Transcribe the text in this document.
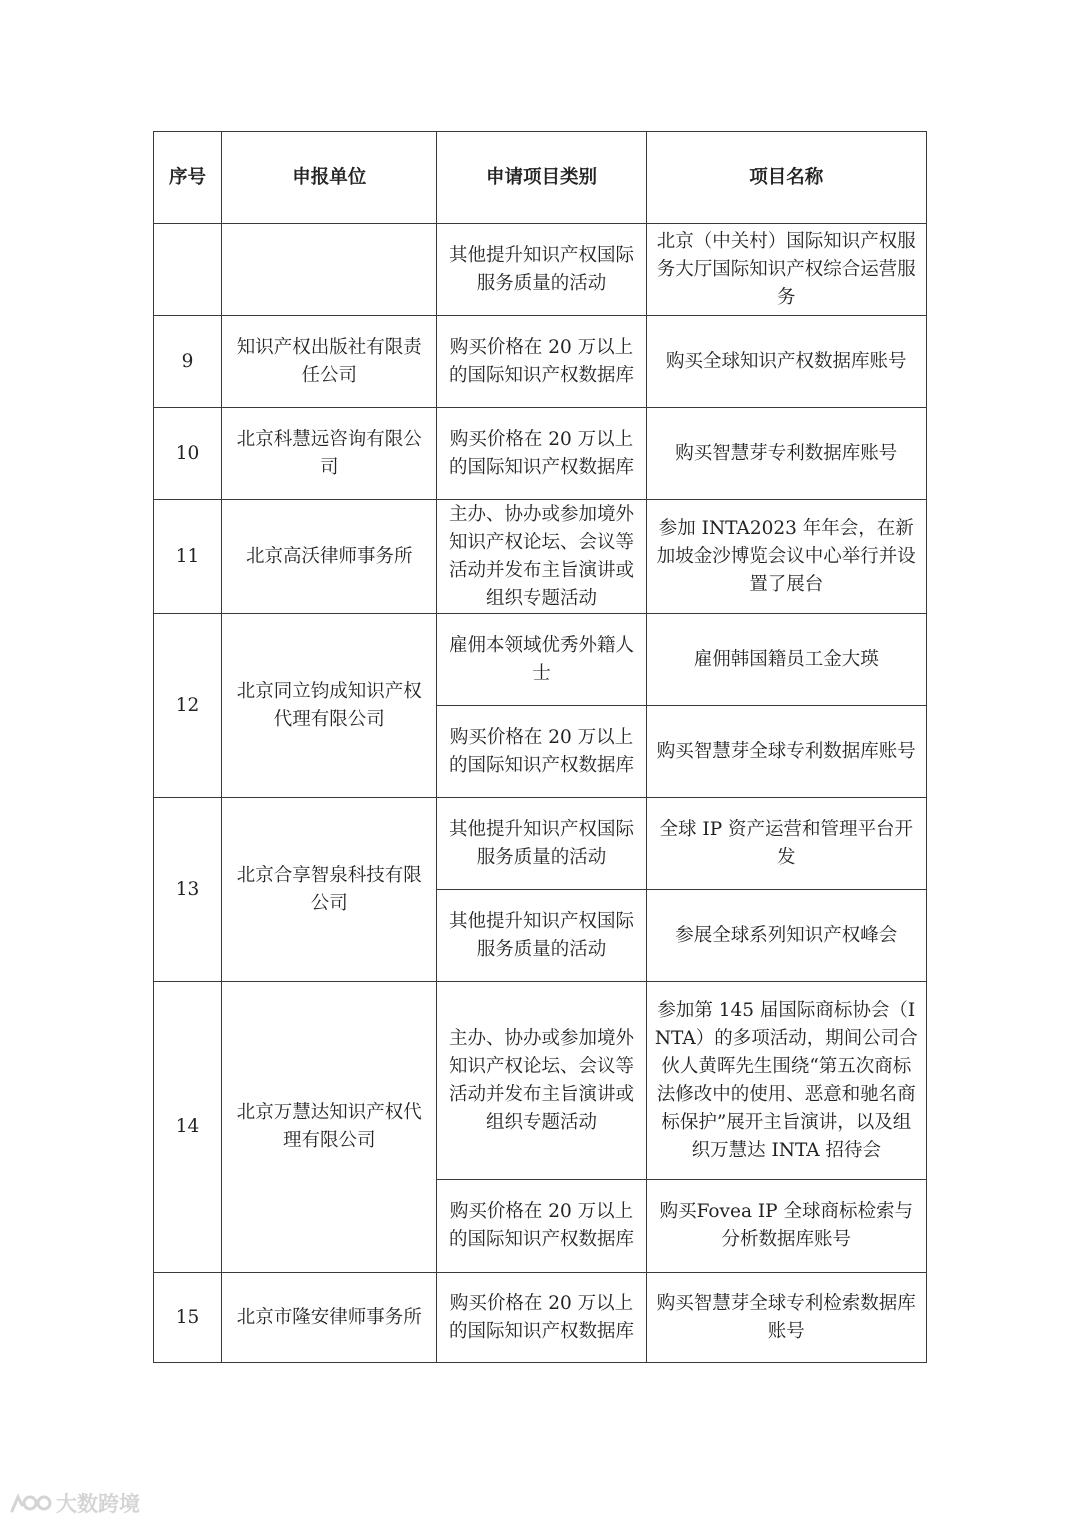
序号	申报单位	申请项目类别	项目名称
		其他提升知识产权国际服务质量的活动	北京（中关村）国际知识产权服务大厅国际知识产权综合运营服务
9	知识产权出版社有限责任公司	购买价格在 20 万以上的国际知识产权数据库	购买全球知识产权数据库账号
10	北京科慧远咨询有限公司	购买价格在 20 万以上的国际知识产权数据库	购买智慧芽专利数据库账号
11	北京高沃律师事务所	主办、协办或参加境外知识产权论坛、会议等活动并发布主旨演讲或组织专题活动	参加 INTA2023 年年会，在新加坡金沙博览会议中心举行并设置了展台
12	北京同立钧成知识产权代理有限公司	雇佣本领域优秀外籍人士	雇佣韩国籍员工金大瑛
		购买价格在 20 万以上的国际知识产权数据库	购买智慧芽全球专利数据库账号
13	北京合享智泉科技有限公司	其他提升知识产权国际服务质量的活动	全球 IP 资产运营和管理平台开发
		其他提升知识产权国际服务质量的活动	参展全球系列知识产权峰会
14	北京万慧达知识产权代理有限公司	主办、协办或参加境外知识产权论坛、会议等活动并发布主旨演讲或组织专题活动	参加第 145 届国际商标协会（INTA）的多项活动，期间公司合伙人黄晖先生围绕“第五次商标法修改中的使用、恶意和驰名商标保护”展开主旨演讲，以及组织万慧达 INTA 招待会
		购买价格在 20 万以上的国际知识产权数据库	购买Fovea IP 全球商标检索与分析数据库账号
15	北京市隆安律师事务所	购买价格在 20 万以上的国际知识产权数据库	购买智慧芽全球专利检索数据库账号
大数跨境
